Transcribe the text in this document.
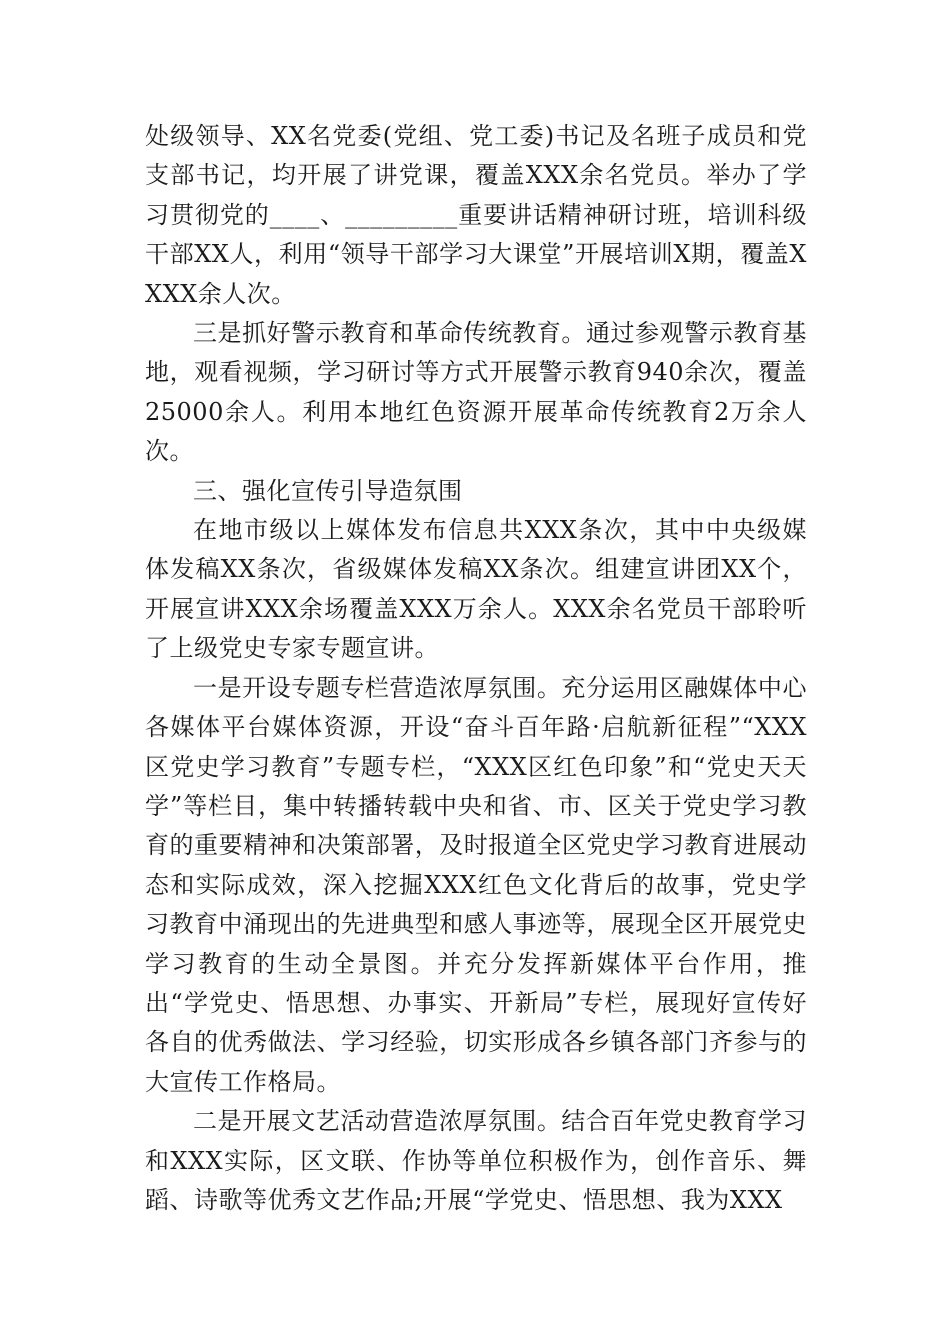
处级领导、XX名党委(党组、党工委)书记及名班子成员和党支部书记，均开展了讲党课，覆盖XXX余名党员。举办了学习贯彻党的____、_________重要讲话精神研讨班，培训科级干部XX人，利用“领导干部学习大课堂”开展培训X期，覆盖XXXX余人次。

三是抓好警示教育和革命传统教育。通过参观警示教育基地，观看视频，学习研讨等方式开展警示教育940余次，覆盖25000余人。利用本地红色资源开展革命传统教育2万余人次。

三、强化宣传引导造氛围

在地市级以上媒体发布信息共XXX条次，其中中央级媒体发稿XX条次，省级媒体发稿XX条次。组建宣讲团XX个，开展宣讲XXX余场覆盖XXX万余人。XXX余名党员干部聆听了上级党史专家专题宣讲。

一是开设专题专栏营造浓厚氛围。充分运用区融媒体中心各媒体平台媒体资源，开设“奋斗百年路·启航新征程”“XXX区党史学习教育”专题专栏，“XXX区红色印象”和“党史天天学”等栏目，集中转播转载中央和省、市、区关于党史学习教育的重要精神和决策部署，及时报道全区党史学习教育进展动态和实际成效，深入挖掘XXX红色文化背后的故事，党史学习教育中涌现出的先进典型和感人事迹等，展现全区开展党史学习教育的生动全景图。并充分发挥新媒体平台作用，推出“学党史、悟思想、办事实、开新局”专栏，展现好宣传好各自的优秀做法、学习经验，切实形成各乡镇各部门齐参与的大宣传工作格局。

二是开展文艺活动营造浓厚氛围。结合百年党史教育学习和XXX实际，区文联、作协等单位积极作为，创作音乐、舞蹈、诗歌等优秀文艺作品;开展“学党史、悟思想、我为XXX
